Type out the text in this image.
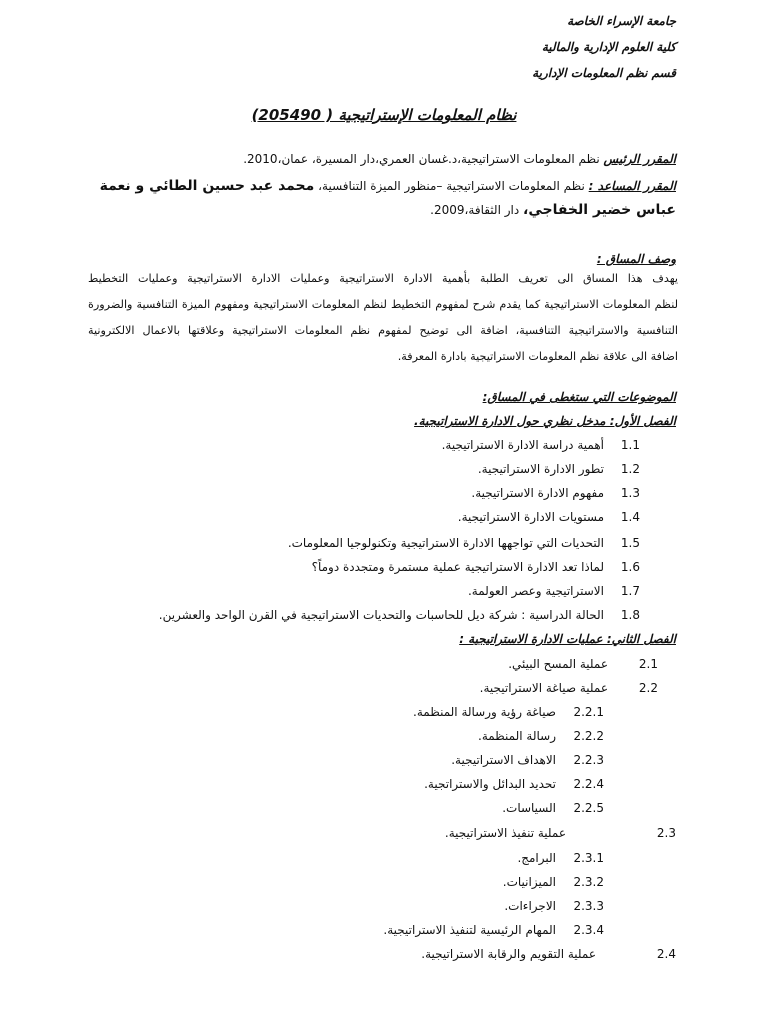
جامعة الإسراء الخاصة
كلية العلوم الإدارية والمالية
قسم نظم المعلومات الإدارية
نظام المعلومات الإستراتيجية ( 205490)
المقرر الرئيس نظم المعلومات الاستراتيجية،د.غسان العمري،دار المسيرة، عمان،2010.
المقرر المساعد : نظم المعلومات الاستراتيجية –منظور الميزة التنافسية، محمد عبد حسين الطائي و نعمة
عباس خضير الخفاجي، دار الثقافة،2009.
وصف المساق :
يهدف هذا المساق الى تعريف الطلبة بأهمية الادارة الاستراتيجية وعمليات الادارة الاستراتيجية وعمليات التخطيط
لنظم المعلومات الاستراتيجية كما يقدم شرح لمفهوم التخطيط لنظم المعلومات الاستراتيجية ومفهوم الميزة التنافسية والضرورة
التنافسية والاستراتيجية التنافسية، اضافة الى توضيح لمفهوم نظم المعلومات الاستراتيجية وعلاقتها بالاعمال الالكترونية
اضافة الى علاقة نظم المعلومات الاستراتيجية بادارة المعرفة.
الموضوعات التي ستغطى في المساق:
الفصل الأول: مدخل نظري حول الادارة الاستراتيجية.
1.1أهمية دراسة الادارة الاستراتيجية.
1.2تطور الادارة الاستراتيجية.
1.3مفهوم الادارة الاستراتيجية.
1.4مستويات الادارة الاستراتيجية.
1.5التحديات التي تواجهها الادارة الاستراتيجية وتكنولوجيا المعلومات.
1.6لماذا تعد الادارة الاستراتيجية عملية مستمرة ومتجددة دوماً؟
1.7الاستراتيجية وعصر العولمة.
1.8الحالة الدراسية : شركة ديل للحاسبات والتحديات الاستراتيجية في القرن الواحد والعشرين.
الفصل الثاني: عمليات الادارة الاستراتيجية :
2.1عملية المسح البيئي.
2.2عملية صياغة الاستراتيجية.
2.2.1صياغة رؤية ورسالة المنظمة.
2.2.2رسالة المنظمة.
2.2.3الاهداف الاستراتيجية.
2.2.4تحديد البدائل والاستراتجية.
2.2.5السياسات.
2.3عملية تنفيذ الاستراتيجية.
2.3.1البرامج.
2.3.2الميزانيات.
2.3.3الاجراءات.
2.3.4المهام الرئيسية لتنفيذ الاستراتيجية.
2.4عملية التقويم والرقابة الاستراتيجية.
